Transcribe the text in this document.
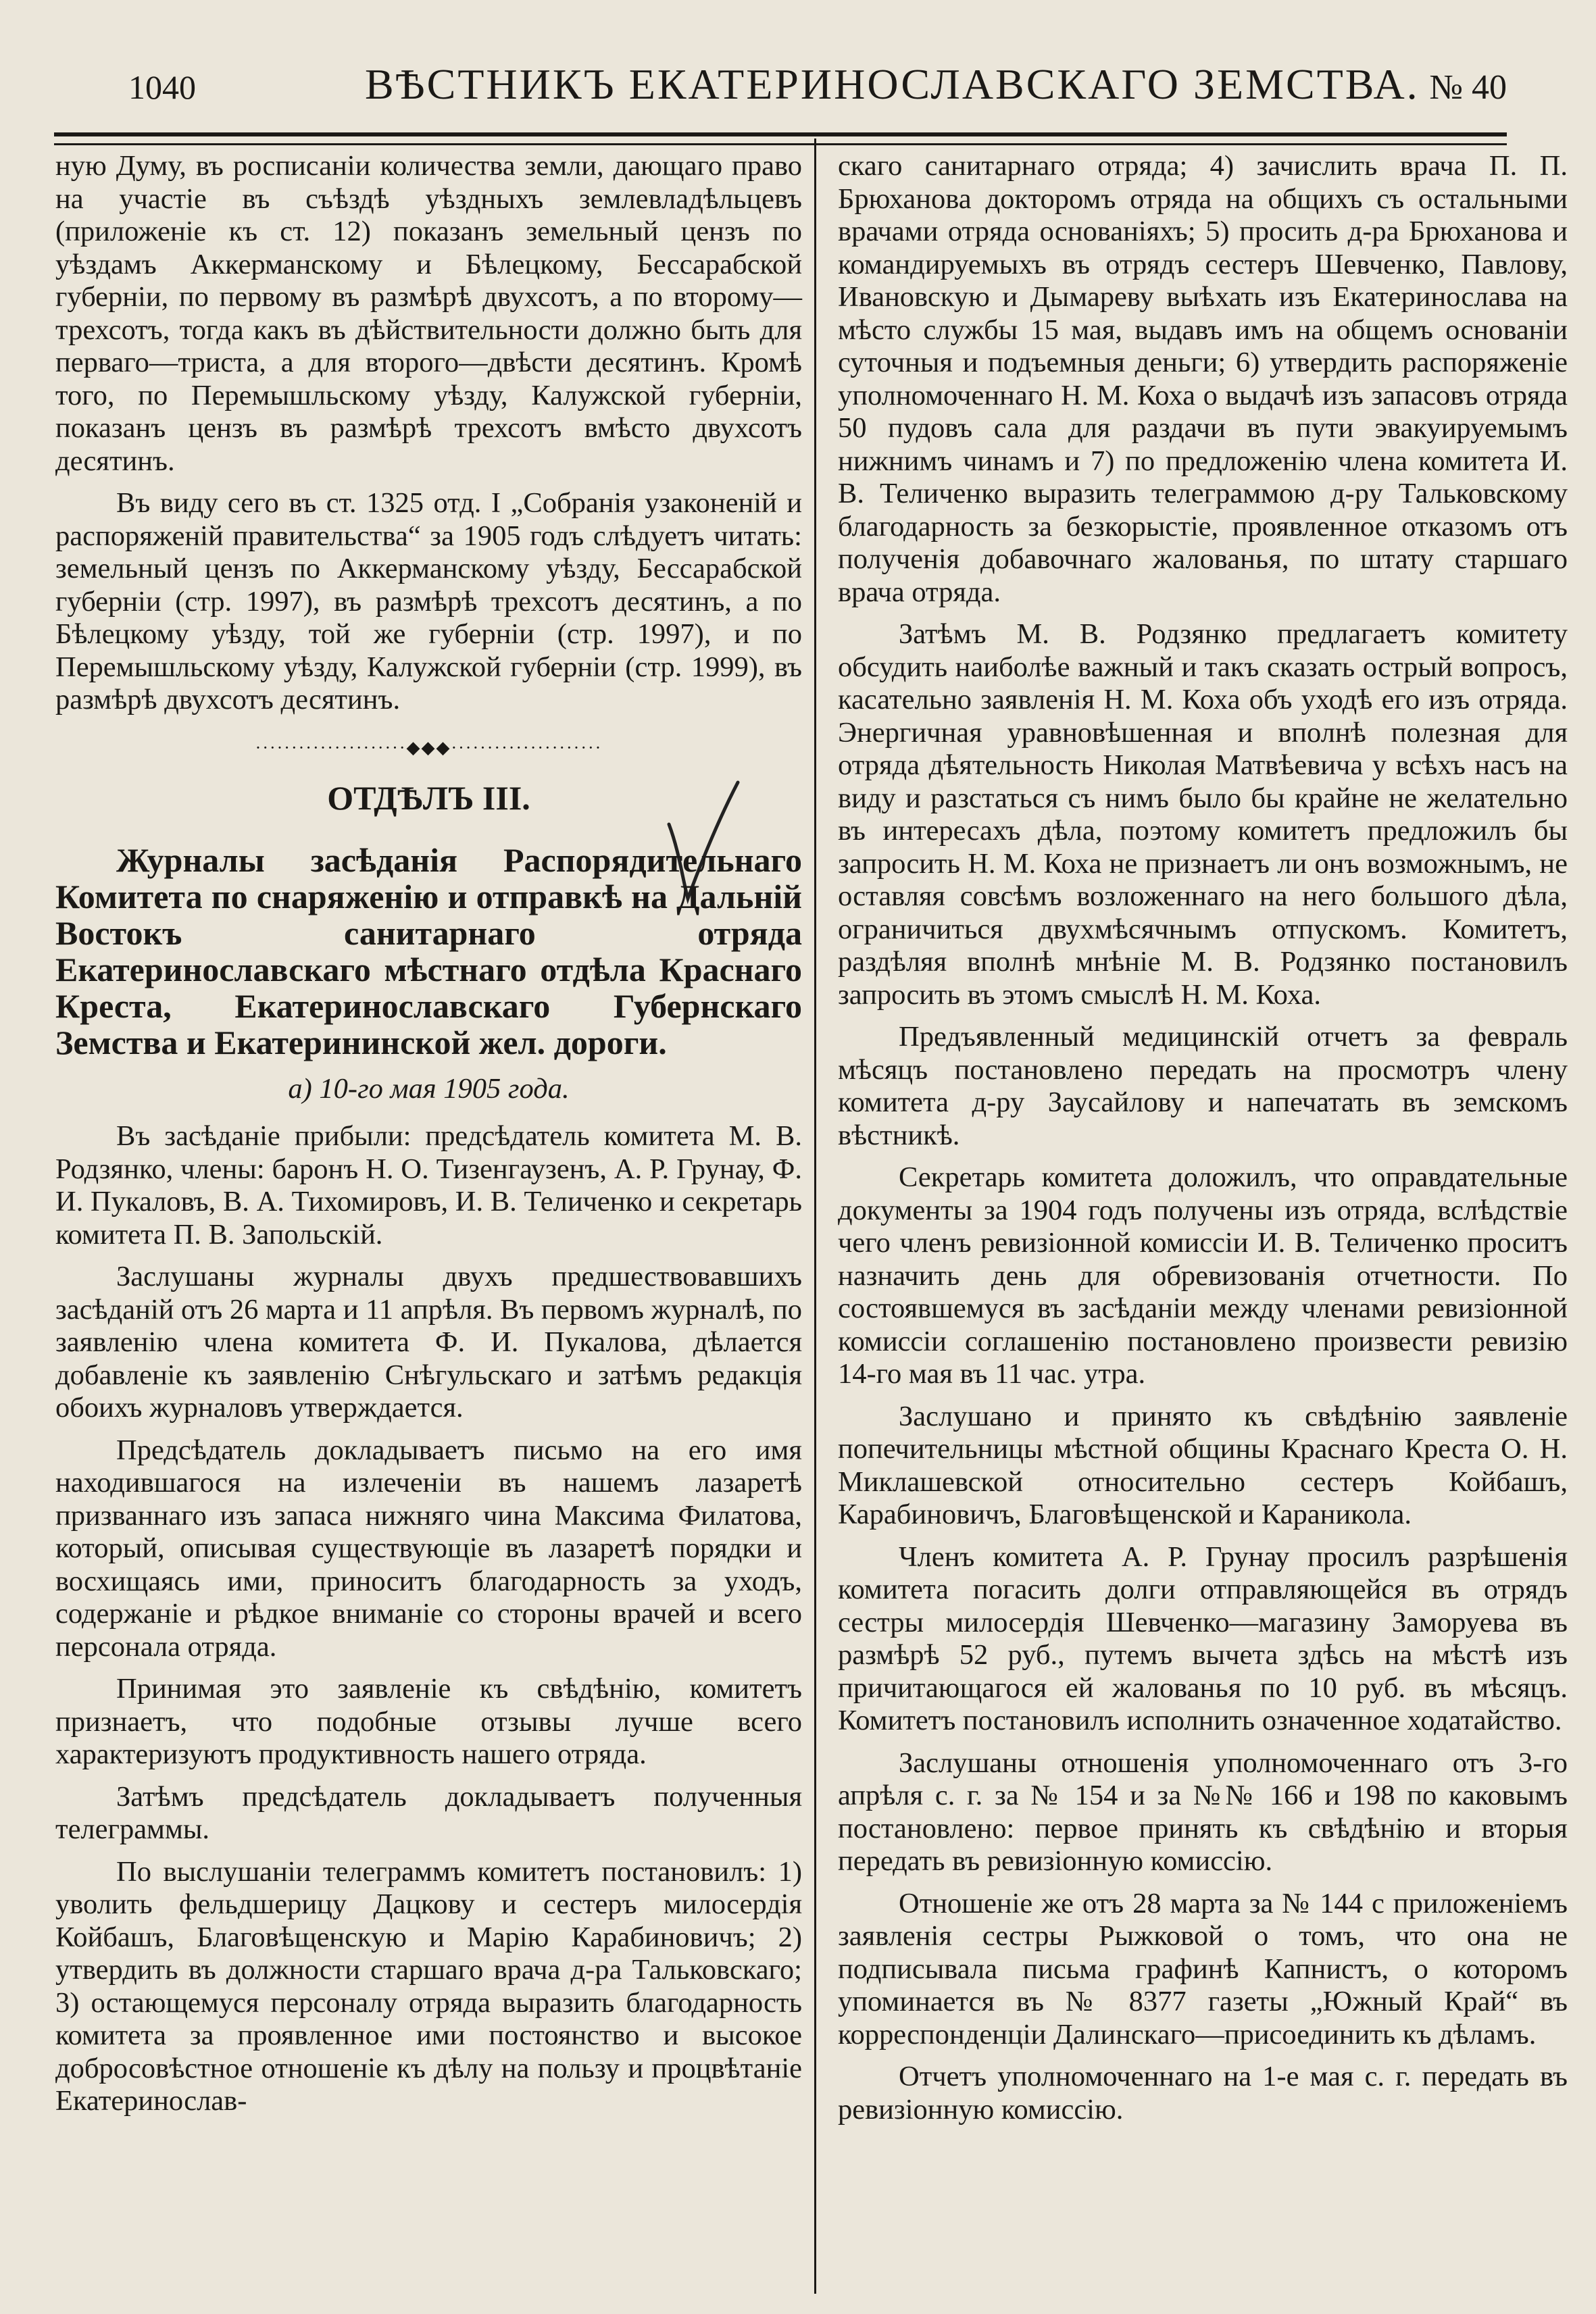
1040	ВѢСТНИКЪ ЕКАТЕРИНОСЛАВСКАГО ЗЕМСТВА. № 40

ную Думу, въ росписаніи количества земли, дающаго право на участіе въ съѣздѣ уѣздныхъ землевладѣльцевъ (приложеніе къ ст. 12) показанъ земельный цензъ по уѣздамъ Аккерманскому и Бѣлецкому, Бессарабской губерніи, по первому въ размѣрѣ двухсотъ, а по второму—трехсотъ, тогда какъ въ дѣйствительности должно быть для перваго—триста, а для второго—двѣсти десятинъ. Кромѣ того, по Перемышльскому уѣзду, Калужской губерніи, показанъ цензъ въ размѣрѣ трехсотъ вмѣсто двухсотъ десятинъ.

Въ виду сего въ ст. 1325 отд. I „Собранія узаконеній и распоряженій правительства“ за 1905 годъ слѣдуетъ читать: земельный цензъ по Аккерманскому уѣзду, Бессарабской губерніи (стр. 1997), въ размѣрѣ трехсотъ десятинъ, а по Бѣлецкому уѣзду, той же губерніи (стр. 1997), и по Перемышльскому уѣзду, Калужской губерніи (стр. 1999), въ размѣрѣ двухсотъ десятинъ.

·····················◆◆◆·····················
ОТДѢЛЪ III.

Журналы засѣданія Распорядительнаго Комитета по снаряженію и отправкѣ на Дальній Востокъ санитарнаго отряда Екатеринославскаго мѣстнаго отдѣла Краснаго Креста, Екатеринославскаго Губернскаго Земства и Екатерининской жел. дороги.

а) 10-го мая 1905 года.

Въ засѣданіе прибыли: предсѣдатель комитета М. В. Родзянко, члены: баронъ Н. О. Тизенгаузенъ, А. Р. Грунау, Ф. И. Пукаловъ, В. А. Тихомировъ, И. В. Теличенко и секретарь комитета П. В. Запольскій.

Заслушаны журналы двухъ предшествовавшихъ засѣданій отъ 26 марта и 11 апрѣля. Въ первомъ журналѣ, по заявленію члена комитета Ф. И. Пукалова, дѣлается добавленіе къ заявленію Снѣгульскаго и затѣмъ редакція обоихъ журналовъ утверждается.

Предсѣдатель докладываетъ письмо на его имя находившагося на излеченіи въ нашемъ лазаретѣ призваннаго изъ запаса нижняго чина Максима Филатова, который, описывая существующіе въ лазаретѣ порядки и восхищаясь ими, приноситъ благодарность за уходъ, содержаніе и рѣдкое вниманіе со стороны врачей и всего персонала отряда.

Принимая это заявленіе къ свѣдѣнію, комитетъ признаетъ, что подобные отзывы лучше всего характеризуютъ продуктивность нашего отряда.

Затѣмъ предсѣдатель докладываетъ полученныя телеграммы.

По выслушаніи телеграммъ комитетъ постановилъ: 1) уволить фельдшерицу Дацкову и сестеръ милосердія Койбашъ, Благовѣщенскую и Марію Карабиновичъ; 2) утвердить въ должности старшаго врача д-ра Тальковскаго; 3) остающемуся персоналу отряда выразить благодарность комитета за проявленное ими постоянство и высокое добросовѣстное отношеніе къ дѣлу на пользу и процвѣтаніе Екатеринослав-

скаго санитарнаго отряда; 4) зачислить врача П. П. Брюханова докторомъ отряда на общихъ съ остальными врачами отряда основаніяхъ; 5) просить д-ра Брюханова и командируемыхъ въ отрядъ сестеръ Шевченко, Павлову, Ивановскую и Дымареву выѣхать изъ Екатеринослава на мѣсто службы 15 мая, выдавъ имъ на общемъ основаніи суточныя и подъемныя деньги; 6) утвердить распоряженіе уполномоченнаго Н. М. Коха о выдачѣ изъ запасовъ отряда 50 пудовъ сала для раздачи въ пути эвакуируемымъ нижнимъ чинамъ и 7) по предложенію члена комитета И. В. Теличенко выразить телеграммою д-ру Тальковскому благодарность за безкорыстіе, проявленное отказомъ отъ полученія добавочнаго жалованья, по штату старшаго врача отряда.

Затѣмъ М. В. Родзянко предлагаетъ комитету обсудить наиболѣе важный и такъ сказать острый вопросъ, касательно заявленія Н. М. Коха объ уходѣ его изъ отряда. Энергичная уравновѣшенная и вполнѣ полезная для отряда дѣятельность Николая Матвѣевича у всѣхъ насъ на виду и разстаться съ нимъ было бы крайне не желательно въ интересахъ дѣла, поэтому комитетъ предложилъ бы запросить Н. М. Коха не признаетъ ли онъ возможнымъ, не оставляя совсѣмъ возложеннаго на него большого дѣла, ограничиться двухмѣсячнымъ отпускомъ. Комитетъ, раздѣляя вполнѣ мнѣніе М. В. Родзянко постановилъ запросить въ этомъ смыслѣ Н. М. Коха.

Предъявленный медицинскій отчетъ за февраль мѣсяцъ постановлено передать на просмотръ члену комитета д-ру Заусайлову и напечатать въ земскомъ вѣстникѣ.

Секретарь комитета доложилъ, что оправдательные документы за 1904 годъ получены изъ отряда, вслѣдствіе чего членъ ревизіонной комиссіи И. В. Теличенко проситъ назначить день для обревизованія отчетности. По состоявшемуся въ засѣданіи между членами ревизіонной комиссіи соглашенію постановлено произвести ревизію 14-го мая въ 11 час. утра.

Заслушано и принято къ свѣдѣнію заявленіе попечительницы мѣстной общины Краснаго Креста О. Н. Миклашевской относительно сестеръ Койбашъ, Карабиновичъ, Благовѣщенской и Караникола.

Членъ комитета А. Р. Грунау просилъ разрѣшенія комитета погасить долги отправляющейся въ отрядъ сестры милосердія Шевченко—магазину Заморуева въ размѣрѣ 52 руб., путемъ вычета здѣсь на мѣстѣ изъ причитающагося ей жалованья по 10 руб. въ мѣсяцъ. Комитетъ постановилъ исполнить означенное ходатайство.

Заслушаны отношенія уполномоченнаго отъ 3-го апрѣля с. г. за № 154 и за №№ 166 и 198 по каковымъ постановлено: первое принять къ свѣдѣнію и вторыя передать въ ревизіонную комиссію.

Отношеніе же отъ 28 марта за № 144 с приложеніемъ заявленія сестры Рыжковой о томъ, что она не подписывала письма графинѣ Капнистъ, о которомъ упоминается въ № 8377 газеты „Южный Край“ въ корреспонденціи Далинскаго—присоединить къ дѣламъ.

Отчетъ уполномоченнаго на 1-е мая с. г. передать въ ревизіонную комиссію.
